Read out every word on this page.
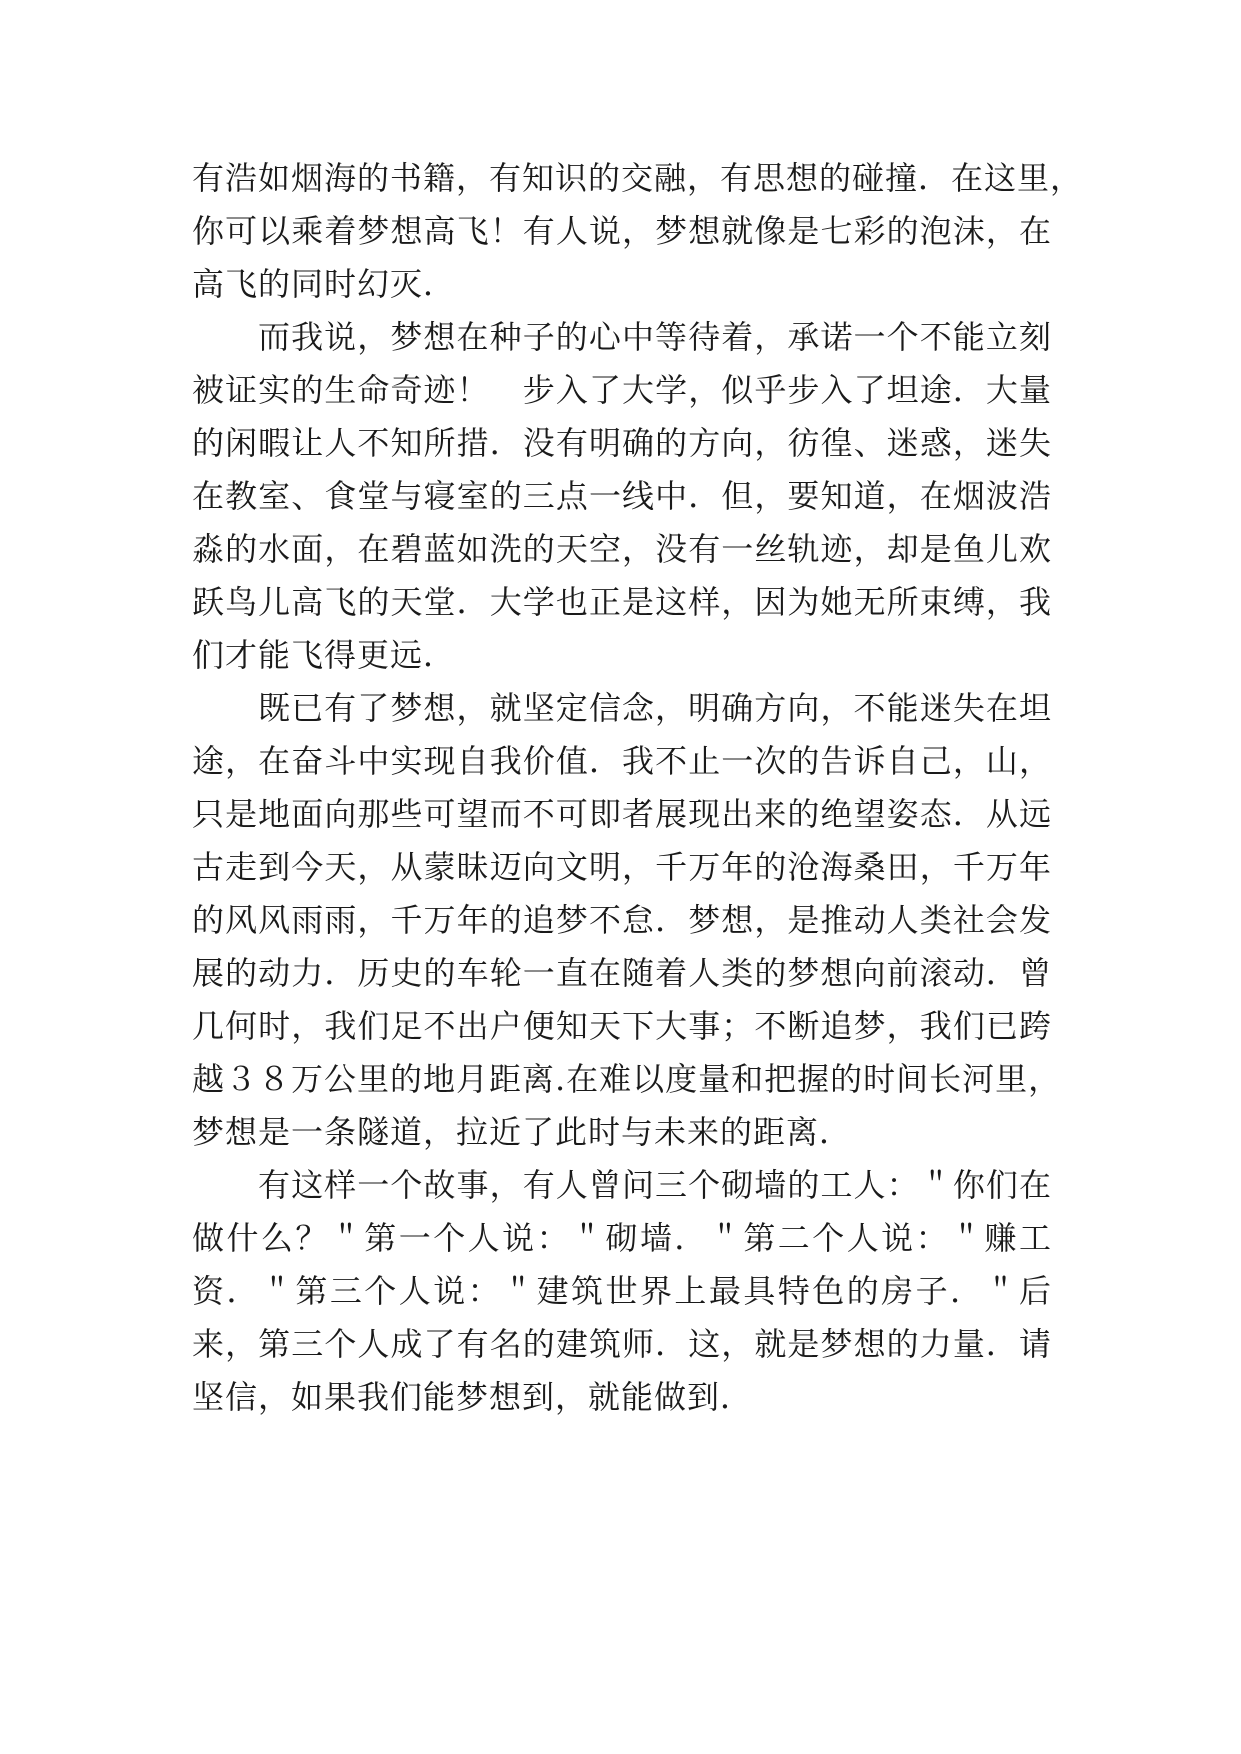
有浩如烟海的书籍，有知识的交融，有思想的碰撞．在这里，
你可以乘着梦想高飞！有人说，梦想就像是七彩的泡沫，在
高飞的同时幻灭．
而我说，梦想在种子的心中等待着，承诺一个不能立刻
被证实的生命奇迹！　步入了大学，似乎步入了坦途．大量
的闲暇让人不知所措．没有明确的方向，彷徨、迷惑，迷失
在教室、食堂与寝室的三点一线中．但，要知道，在烟波浩
淼的水面，在碧蓝如洗的天空，没有一丝轨迹，却是鱼儿欢
跃鸟儿高飞的天堂．大学也正是这样，因为她无所束缚，我
们才能飞得更远．
既已有了梦想，就坚定信念，明确方向，不能迷失在坦
途，在奋斗中实现自我价值．我不止一次的告诉自己，山，
只是地面向那些可望而不可即者展现出来的绝望姿态．从远
古走到今天，从蒙昧迈向文明，千万年的沧海桑田，千万年
的风风雨雨，千万年的追梦不怠．梦想，是推动人类社会发
展的动力．历史的车轮一直在随着人类的梦想向前滚动．曾
几何时，我们足不出户便知天下大事；不断追梦，我们已跨
越３８万公里的地月距离.在难以度量和把握的时间长河里，
梦想是一条隧道，拉近了此时与未来的距离．
有这样一个故事，有人曾问三个砌墙的工人：＂你们在
做什么？＂第一个人说：＂砌墙．＂第二个人说：＂赚工
资．＂第三个人说：＂建筑世界上最具特色的房子．＂后
来，第三个人成了有名的建筑师．这，就是梦想的力量．请
坚信，如果我们能梦想到，就能做到．
